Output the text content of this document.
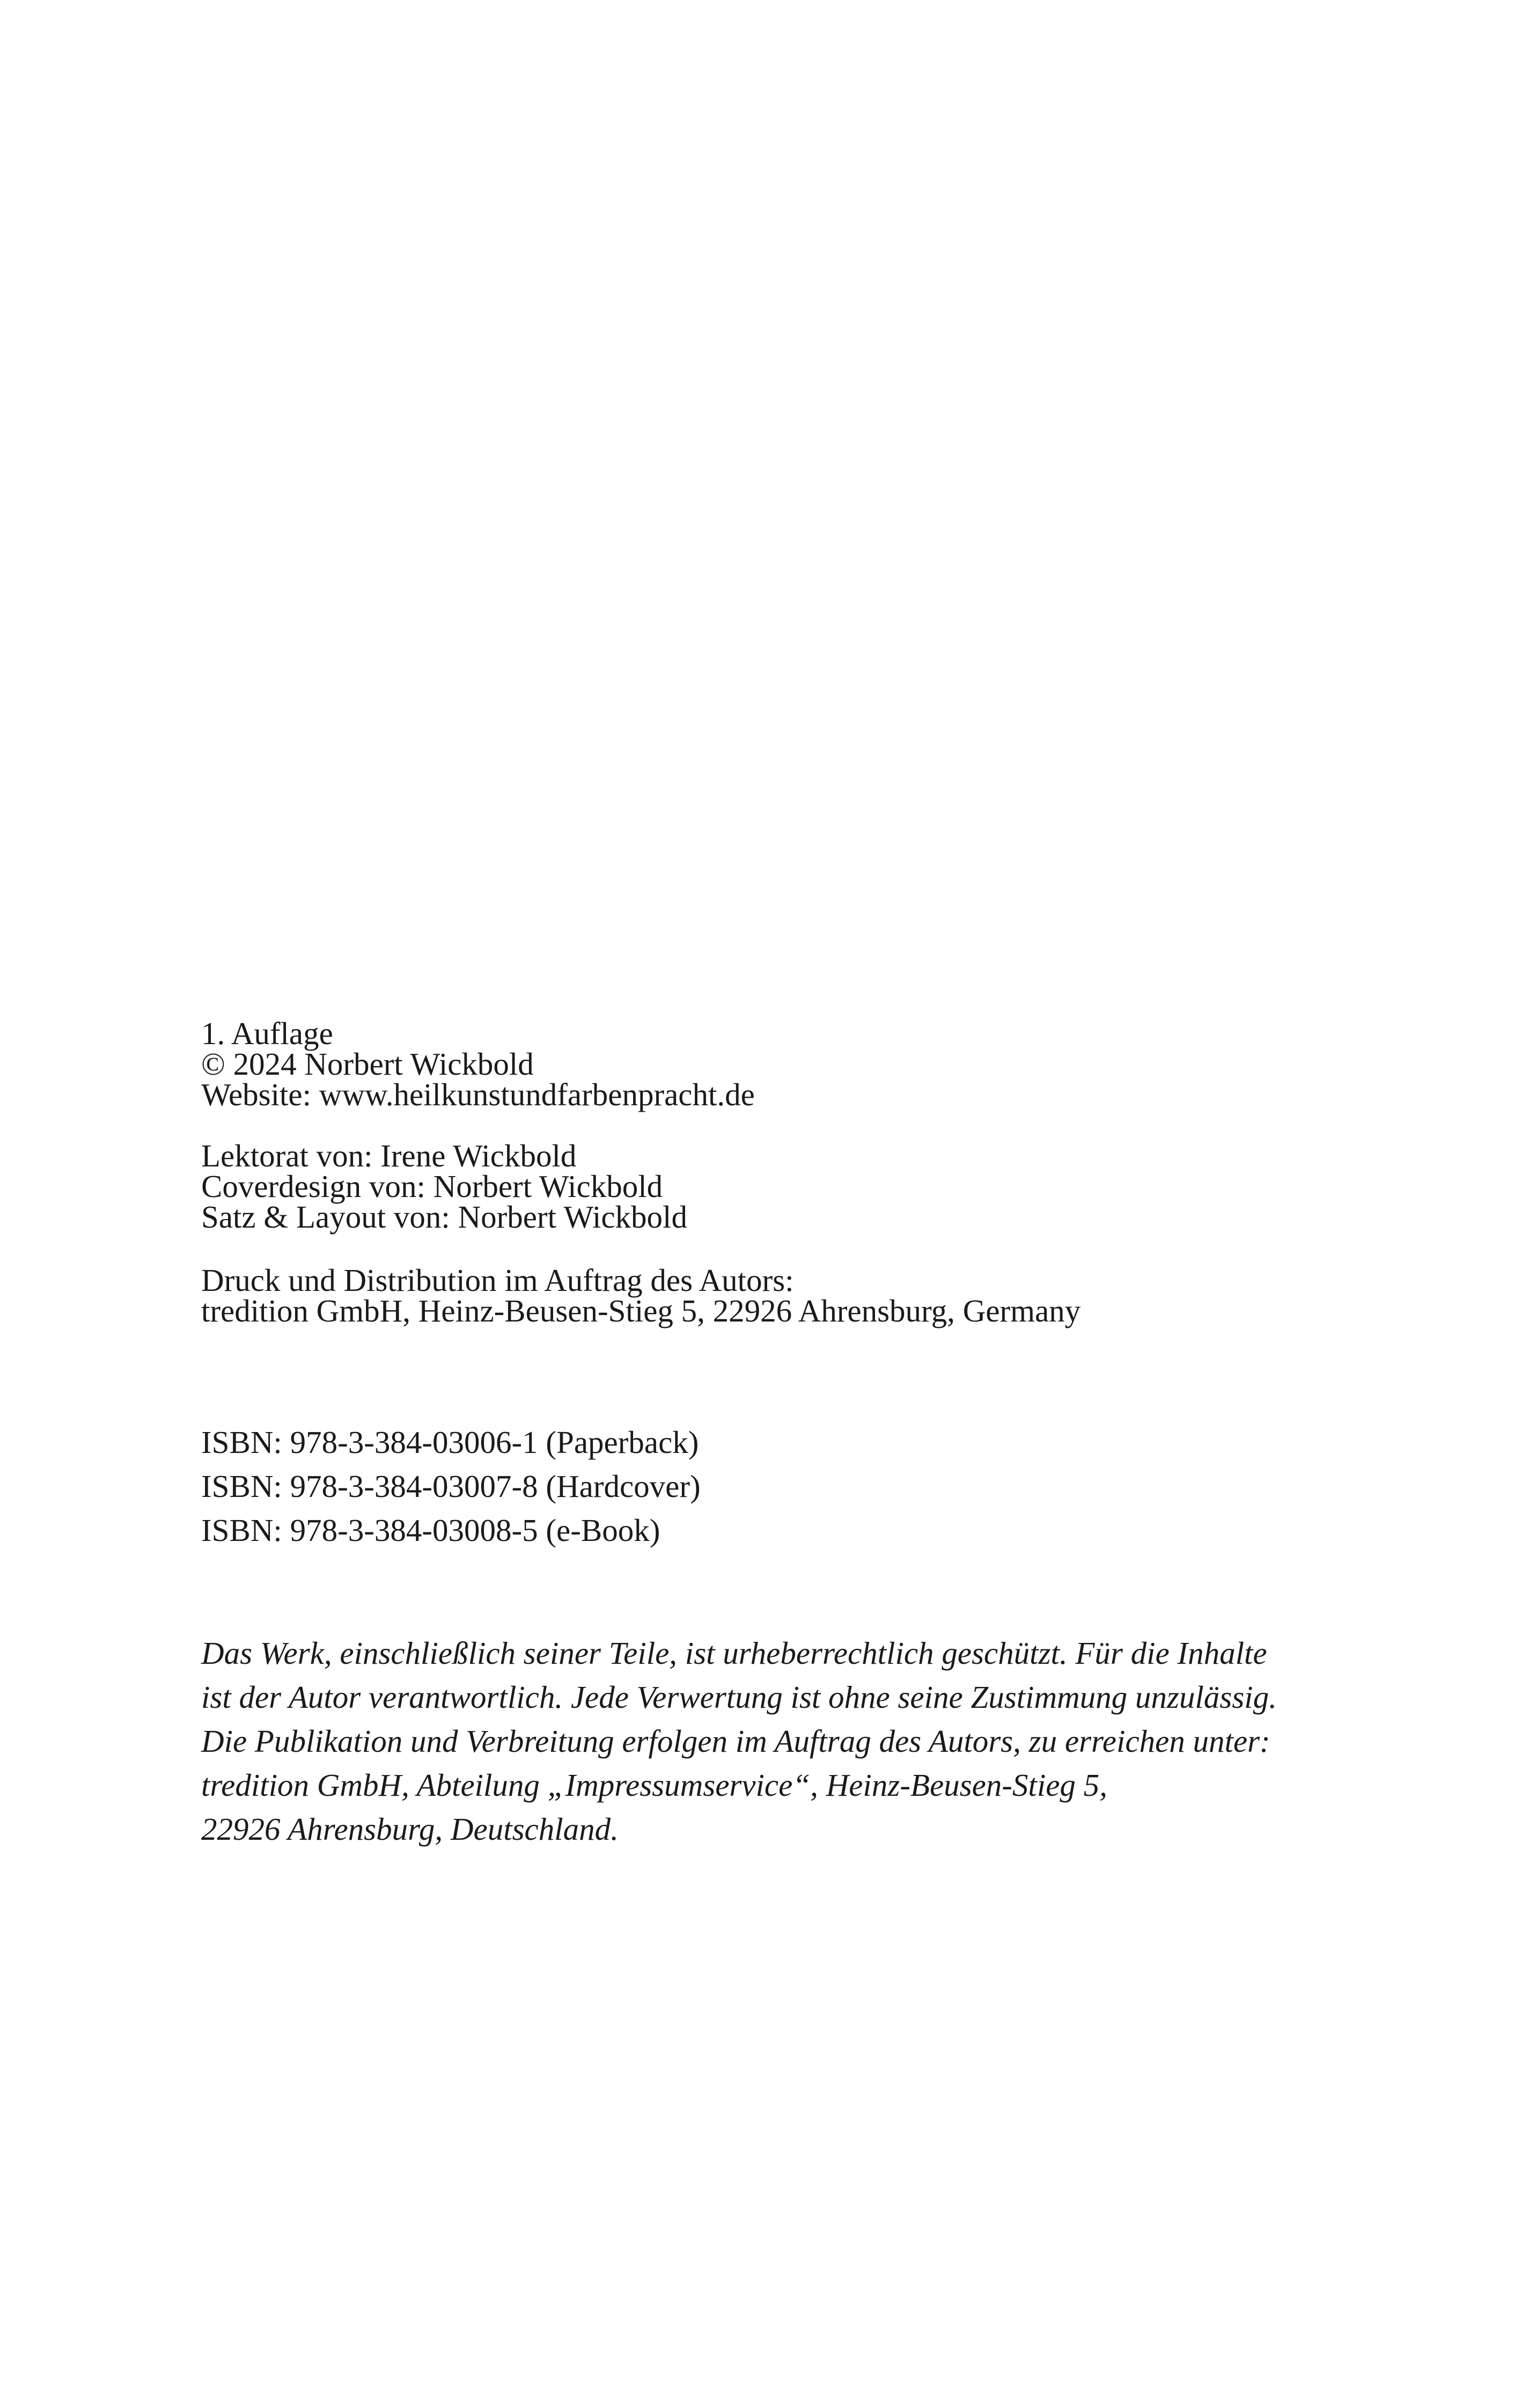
1. Auflage
© 2024 Norbert Wickbold
Website: www.heilkunstundfarbenpracht.de
Lektorat von: Irene Wickbold
Coverdesign von: Norbert Wickbold
Satz & Layout von: Norbert Wickbold
Druck und Distribution im Auftrag des Autors:
tredition GmbH, Heinz-Beusen-Stieg 5, 22926 Ahrensburg, Germany
ISBN: 978-3-384-03006-1 (Paperback)
ISBN: 978-3-384-03007-8 (Hardcover)
ISBN: 978-3-384-03008-5 (e-Book)
Das Werk, einschließlich seiner Teile, ist urheberrechtlich geschützt. Für die Inhalte
ist der Autor verantwortlich. Jede Verwertung ist ohne seine Zustimmung unzulässig.
Die Publikation und Verbreitung erfolgen im Auftrag des Autors, zu erreichen unter:
tredition GmbH, Abteilung „Impressumservice“, Heinz-Beusen-Stieg 5,
22926 Ahrensburg, Deutschland.
